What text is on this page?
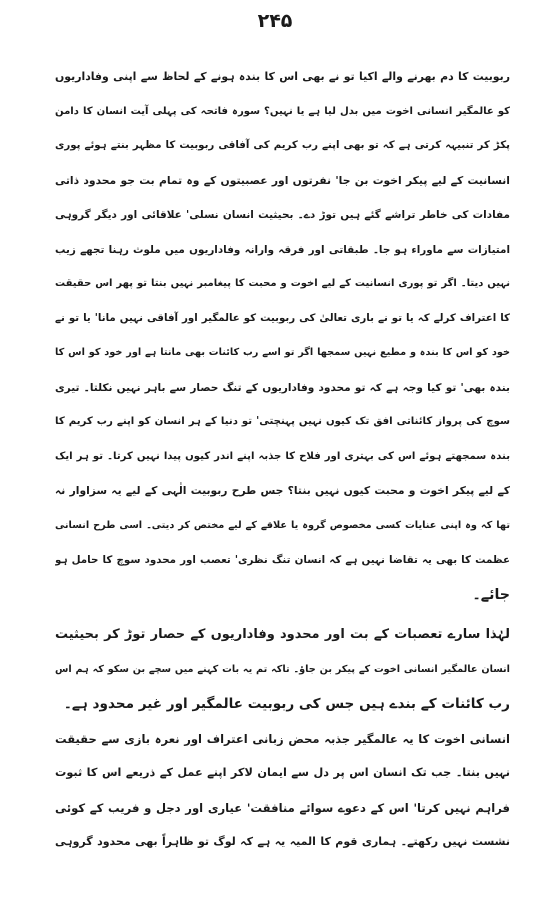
۲۴۵
ربوبیت کا دم بھرنے والے اکیا تو نے بھی اس کا بندہ ہونے کے لحاظ سے اپنی وفاداریوں
کو عالمگیر انسانی اخوت میں بدل لیا ہے یا نہیں؟ سورہ فاتحہ کی پہلی آیت انسان کا دامن
پکڑ کر تنبیہہ کرتی ہے کہ تو بھی اپنے رب کریم کی آفاقی ربوبیت کا مظہر بنتے ہوئے پوری
انسانیت کے لیے پیکر اخوت بن جا' نفرتوں اور عصبیتوں کے وہ تمام بت جو محدود ذاتی
مفادات کی خاطر تراشے گئے ہیں توڑ دے۔ بحیثیت انسان نسلی' علاقائی اور دیگر گروہی
امتیازات سے ماوراء ہو جا۔ طبقاتی اور فرقہ وارانہ وفاداریوں میں ملوث رہنا تجھے زیب
نہیں دیتا۔ اگر تو پوری انسانیت کے لیے اخوت و محبت کا پیغامبر نہیں بنتا تو پھر اس حقیقت
کا اعتراف کرلے کہ یا تو نے باری تعالیٰ کی ربوبیت کو عالمگیر اور آفاقی نہیں مانا' یا تو نے
خود کو اس کا بندہ و مطیع نہیں سمجھا اگر تو اسے رب کائنات بھی مانتا ہے اور خود کو اس کا
بندہ بھی' تو کیا وجہ ہے کہ تو محدود وفاداریوں کے تنگ حصار سے باہر نہیں نکلتا۔ تیری
سوچ کی پرواز کائناتی افق تک کیوں نہیں پہنچتی' تو دنیا کے ہر انسان کو اپنے رب کریم کا
بندہ سمجھتے ہوئے اس کی بہتری اور فلاح کا جذبہ اپنے اندر کیوں پیدا نہیں کرتا۔ تو ہر ایک
کے لیے پیکر اخوت و محبت کیوں نہیں بنتا؟ جس طرح ربوبیت الٰہی کے لیے یہ سزاوار نہ
تھا کہ وہ اپنی عنایات کسی مخصوص گروہ یا علاقے کے لیے مختص کر دیتی۔ اسی طرح انسانی
عظمت کا بھی یہ تقاضا نہیں ہے کہ انسان تنگ نظری' تعصب اور محدود سوچ کا حامل ہو
جائے۔
لہٰذا سارے تعصبات کے بت اور محدود وفاداریوں کے حصار توڑ کر بحیثیت
انسان عالمگیر انسانی اخوت کے پیکر بن جاؤ۔ تاکہ تم یہ بات کہنے میں سچے بن سکو کہ ہم اس
رب کائنات کے بندے ہیں جس کی ربوبیت عالمگیر اور غیر محدود ہے۔
انسانی اخوت کا یہ عالمگیر جذبہ محض زبانی اعتراف اور نعرہ بازی سے حقیقت
نہیں بنتا۔ جب تک انسان اس پر دل سے ایمان لاکر اپنے عمل کے ذریعے اس کا ثبوت
فراہم نہیں کرتا' اس کے دعوے سوائے منافقت' عیاری اور دجل و فریب کے کوئی
نشست نہیں رکھتے۔ ہماری قوم کا المیہ یہ ہے کہ لوگ تو ظاہراً بھی محدود گروہی
